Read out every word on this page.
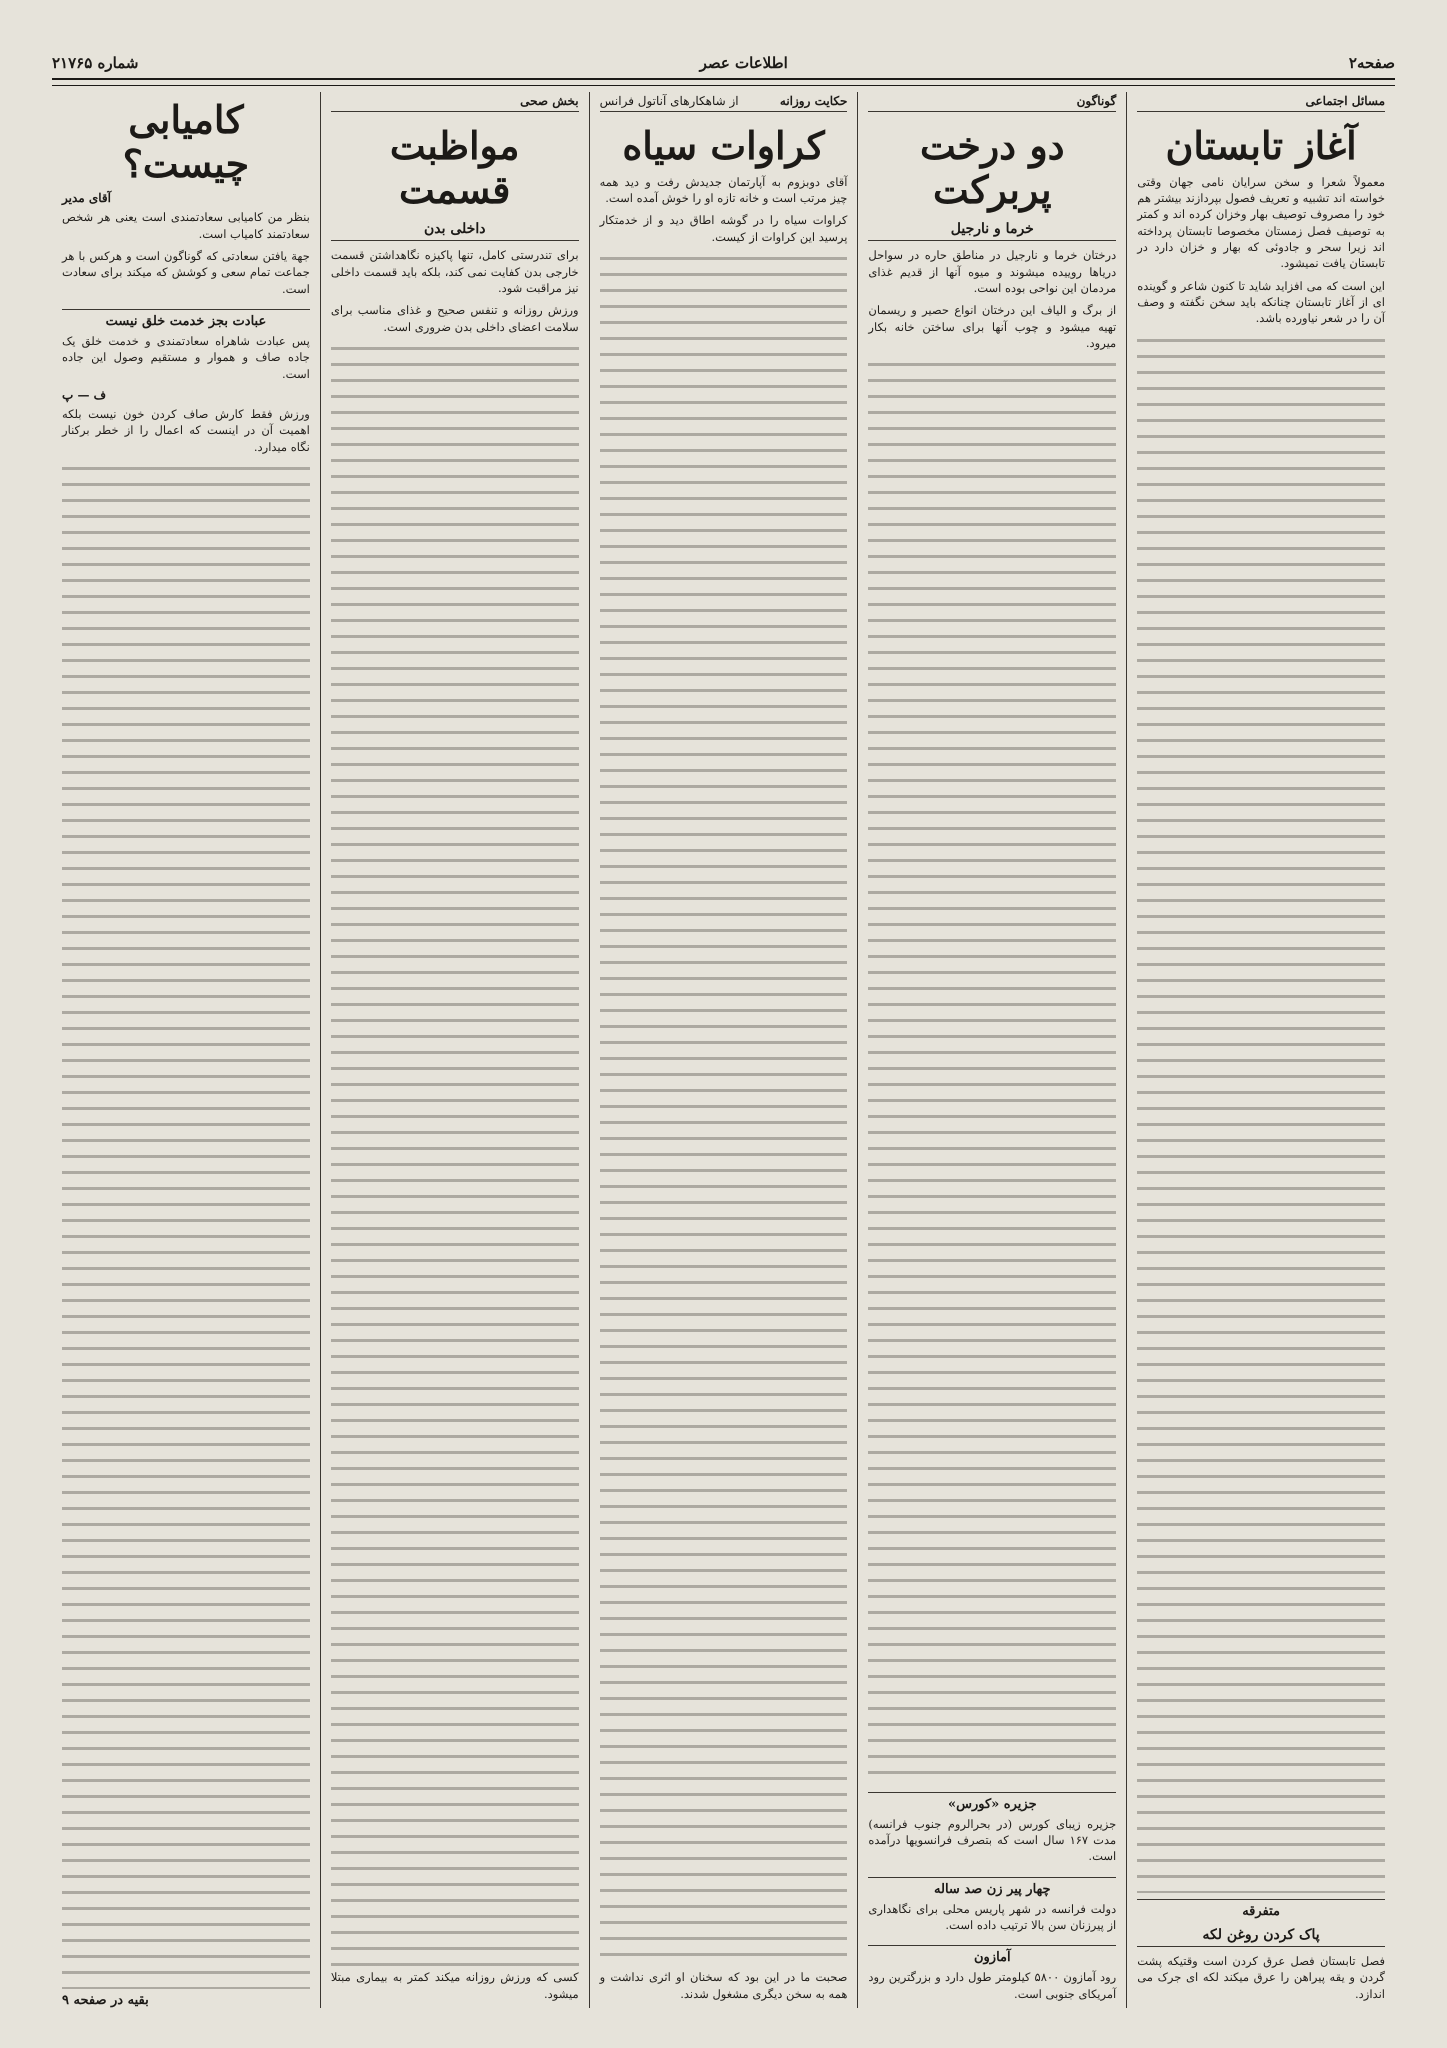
صفحه۲
اطلاعات عصر
شماره ۲۱۷۶۵
مسائل اجتماعی
آغاز تابستان

معمولاً شعرا و سخن سرایان نامی جهان وقتی خواسته اند تشبیه و تعریف فصول بپردازند بیشتر هم خود را مصروف توصیف بهار وخزان کرده اند و کمتر به توصیف فصل زمستان مخصوصا تابستان پرداخته اند زیرا سحر و جادوئی که بهار و خزان دارد در تابستان یافت نمیشود.

این است که می افزاید شاید تا کنون شاعر و گوینده ای از آغاز تابستان چنانکه باید سخن نگفته و وصف آن را در شعر نیاورده باشد.

متفرقه
پاک کردن روغن لکه

فصل تابستان فصل عرق کردن است وقتیکه پشت گردن و یقه پیراهن را عرق میکند لکه ای جرک می اندازد.

گوناگون
دو درخت پربرکت
خرما و نارجیل

درختان خرما و نارجیل در مناطق حاره در سواحل دریاها روییده میشوند و میوه آنها از قدیم غذای مردمان این نواحی بوده است.

از برگ و الیاف این درختان انواع حصیر و ریسمان تهیه میشود و چوب آنها برای ساختن خانه بکار میرود.

جزیره «کورس»

جزیره زیبای کورس (در بحرالروم جنوب فرانسه) مدت ۱۶۷ سال است که بتصرف فرانسویها درآمده است.

چهار پیر زن صد ساله

دولت فرانسه در شهر پاریس محلی برای نگاهداری از پیرزنان سن بالا ترتیب داده است.

آمازون

رود آمازون ۵۸۰۰ کیلومتر طول دارد و بزرگترین رود آمریکای جنوبی است.

حکایت روزانه
از شاهکارهای آناتول فرانس
کراوات سیاه

آقای دوبزوم به آپارتمان جدیدش رفت و دید همه چیز مرتب است و خانه تازه او را خوش آمده است.

کراوات سیاه را در گوشه اطاق دید و از خدمتکار پرسید این کراوات از کیست.

صحبت ما در این بود که سخنان او اثری نداشت و همه به سخن دیگری مشغول شدند.

بخش صحی
مواظبت قسمت
داخلی بدن

برای تندرستی کامل، تنها پاکیزه نگاهداشتن قسمت خارجی بدن کفایت نمی کند، بلکه باید قسمت داخلی نیز مراقبت شود.

ورزش روزانه و تنفس صحیح و غذای مناسب برای سلامت اعضای داخلی بدن ضروری است.

کسی که ورزش روزانه میکند کمتر به بیماری مبتلا میشود.

کامیابی چیست؟
آقای مدیر

بنظر من کامیابی سعادتمندی است یعنی هر شخص سعادتمند کامیاب است.

جهة یافتن سعادتی که گوناگون است و هرکس با هر جماعت تمام سعی و کوشش که میکند برای سعادت است.

عبادت بجز خدمت خلق نیست

پس عبادت شاهراه سعادتمندی و خدمت خلق یک جاده صاف و هموار و مستقیم وصول این جاده است.

ف — پ

ورزش فقط کارش صاف کردن خون نیست بلکه اهمیت آن در اینست که اعمال را از خطر برکنار نگاه میدارد.

بقیه در صفحه ۹
